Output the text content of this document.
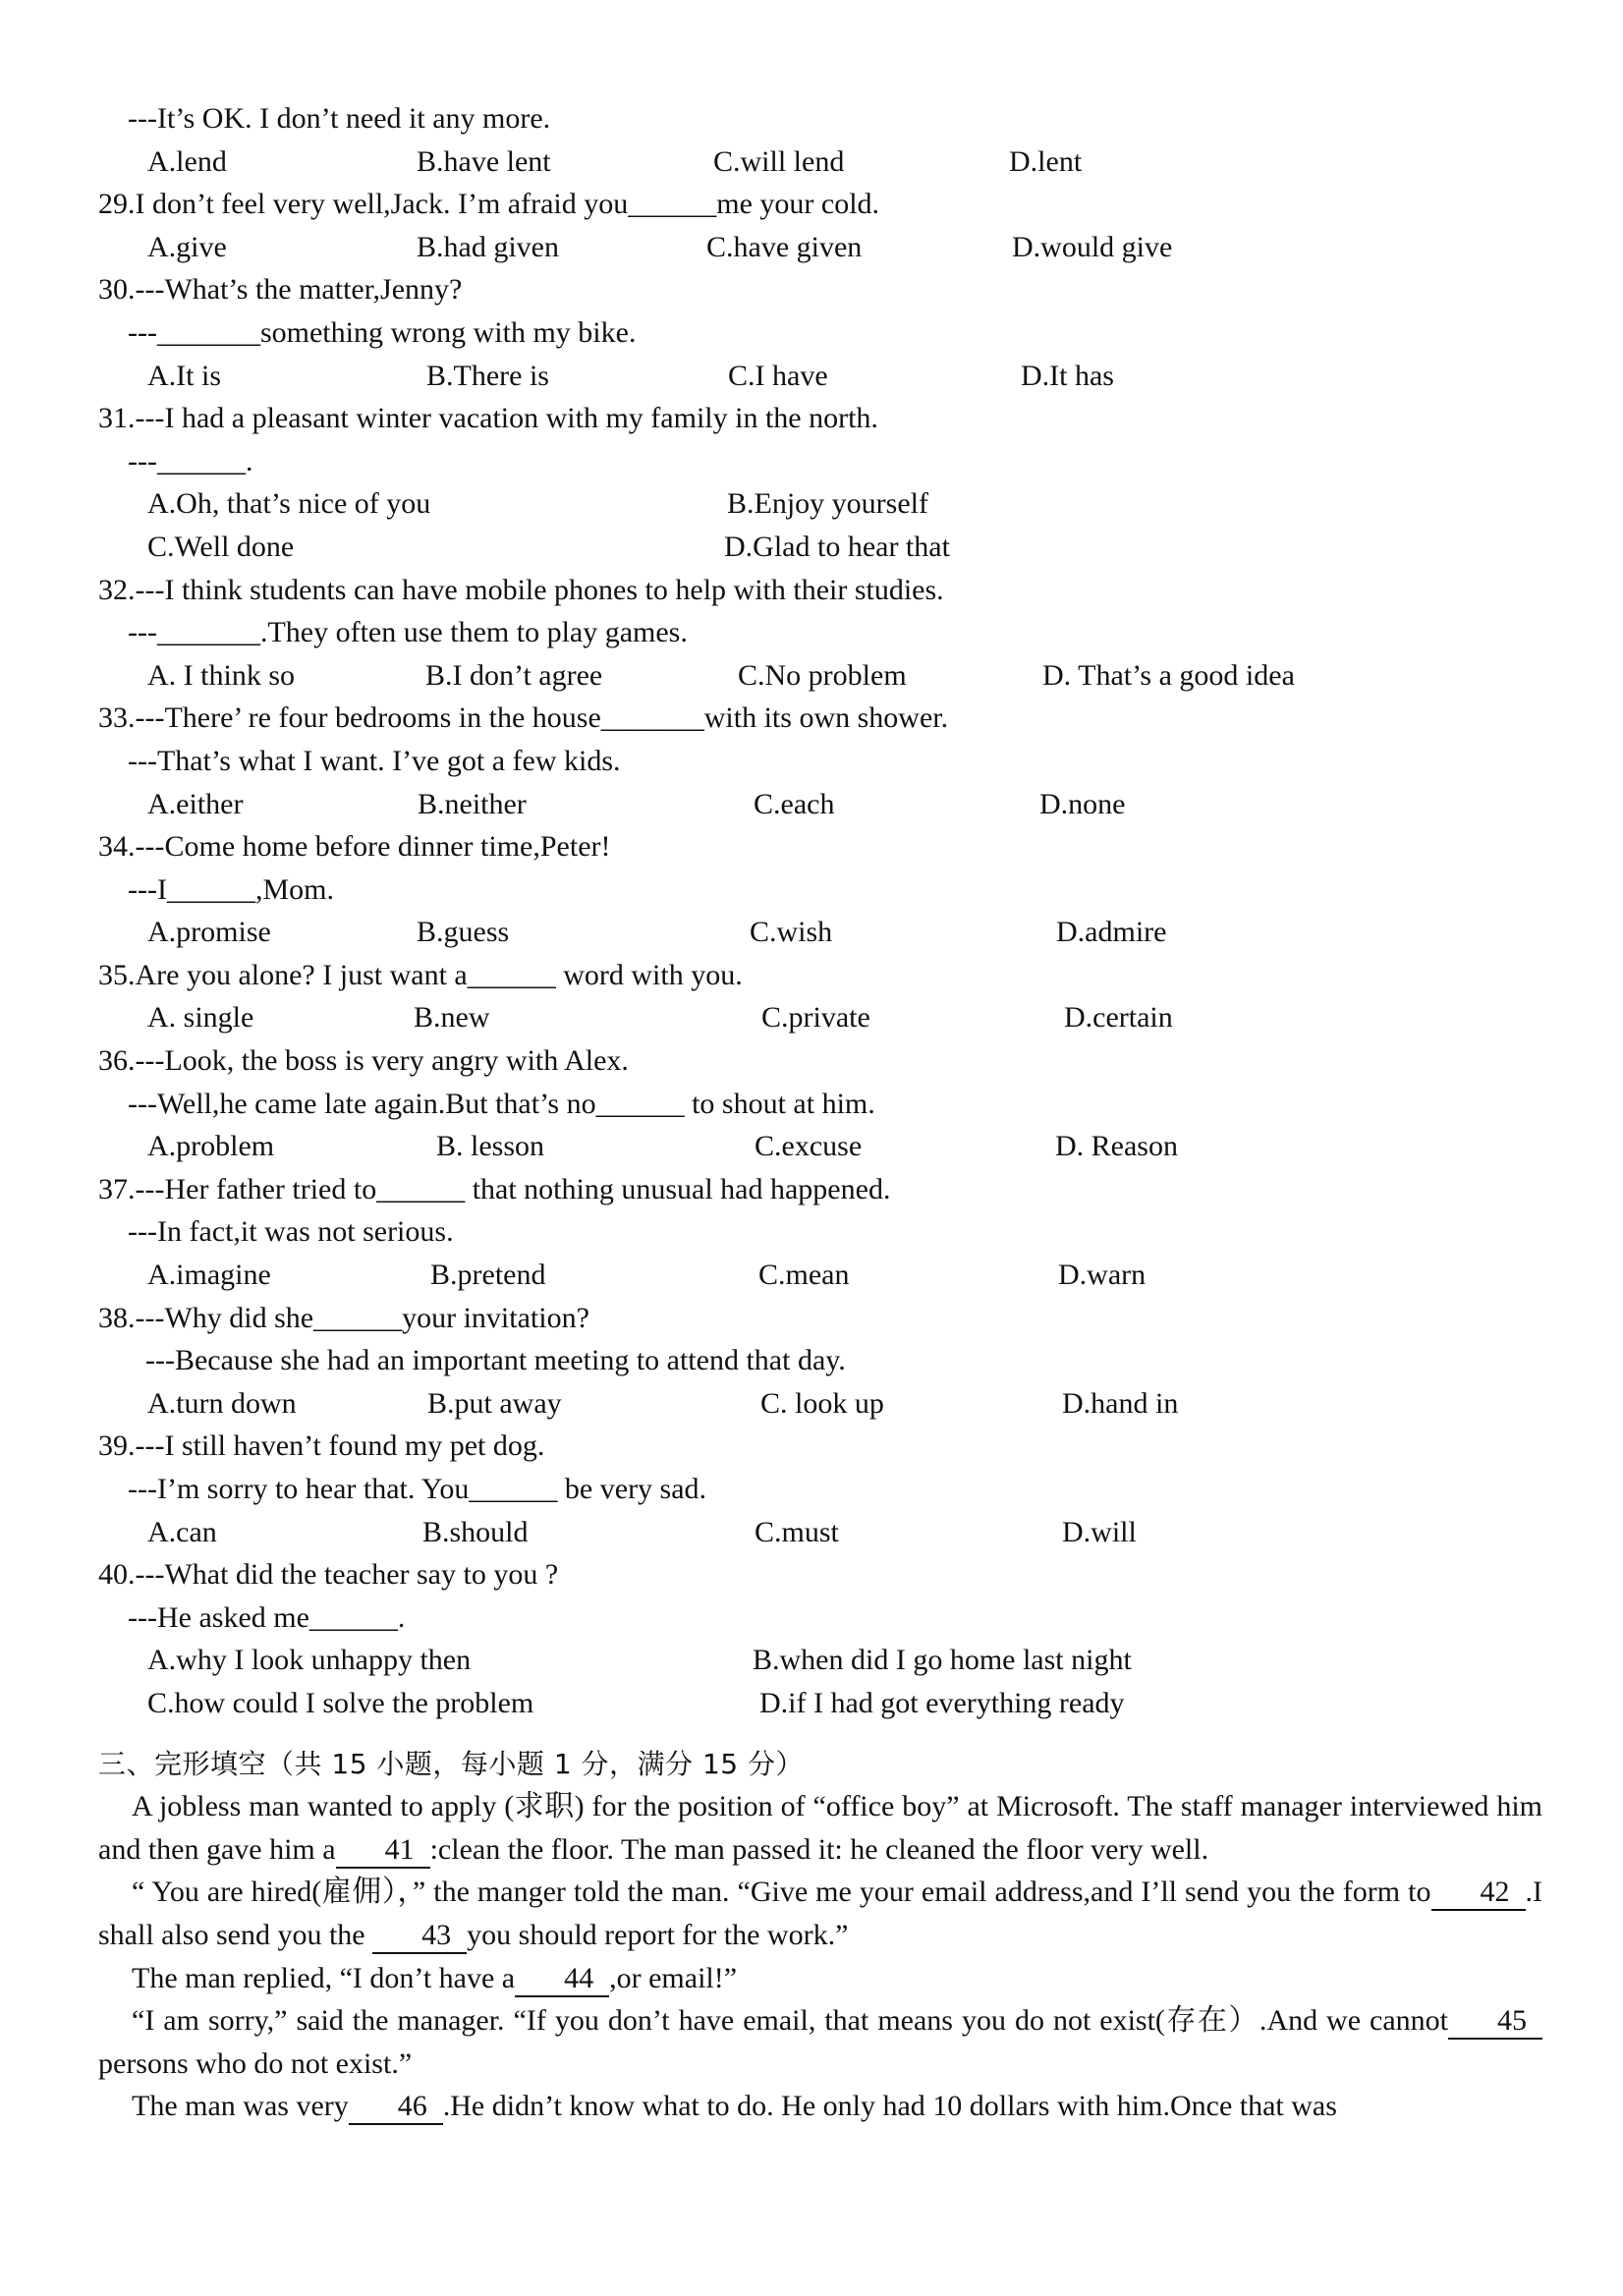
---It’s OK. I don’t need it any more.
A.lend	B.have lent	C.will lend	D.lent
29.I don’t feel very well,Jack. I’m afraid you______me your cold.
A.give	B.had given	C.have given	D.would give
30.---What’s the matter,Jenny?
---_______something wrong with my bike.
A.It is	B.There is	C.I have	D.It has
31.---I had a pleasant winter vacation with my family in the north.
---______.
A.Oh, that’s nice of you	B.Enjoy yourself
C.Well done	D.Glad to hear that
32.---I think students can have mobile phones to help with their studies.
---_______.They often use them to play games.
A. I think so	B.I don’t agree	C.No problem	D. That’s a good idea
33.---There’ re four bedrooms in the house_______with its own shower.
---That’s what I want. I’ve got a few kids.
A.either	B.neither	C.each	D.none
34.---Come home before dinner time,Peter!
---I______,Mom.
A.promise	B.guess	C.wish	D.admire
35.Are you alone? I just want a______ word with you.
A. single	B.new	C.private	D.certain
36.---Look, the boss is very angry with Alex.
---Well,he came late again.But that’s no______ to shout at him.
A.problem	B. lesson	C.excuse	D. Reason
37.---Her father tried to______ that nothing unusual had happened.
---In fact,it was not serious.
A.imagine	B.pretend	C.mean	D.warn
38.---Why did she______your invitation?
---Because she had an important meeting to attend that day.
A.turn down	B.put away	C. look up	D.hand in
39.---I still haven’t found my pet dog.
---I’m sorry to hear that. You______ be very sad.
A.can	B.should	C.must	D.will
40.---What did the teacher say to you ?
---He asked me______.
A.why I look unhappy then	B.when did I go home last night
C.how could I solve the problem	D.if I had got everything ready
三、完形填空（共 15 小题，每小题 1 分，满分 15 分）

A jobless man wanted to apply (求职) for the position of “office boy” at Microsoft. The staff manager interviewed him and then gave him a 41 :clean the floor. The man passed it: he cleaned the floor very well.

“ You are hired(雇佣），” the manger told the man. “Give me your email address,and I’ll send you the form to 42 .I shall also send you the 43 you should report for the work.”

The man replied, “I don’t have a 44 ,or email!”

“I am sorry,” said the manager. “If you don’t have email, that means you do not exist(存在）.And we cannot 45persons who do not exist.”

The man was very 46 .He didn’t know what to do. He only had 10 dollars with him.Once that was
